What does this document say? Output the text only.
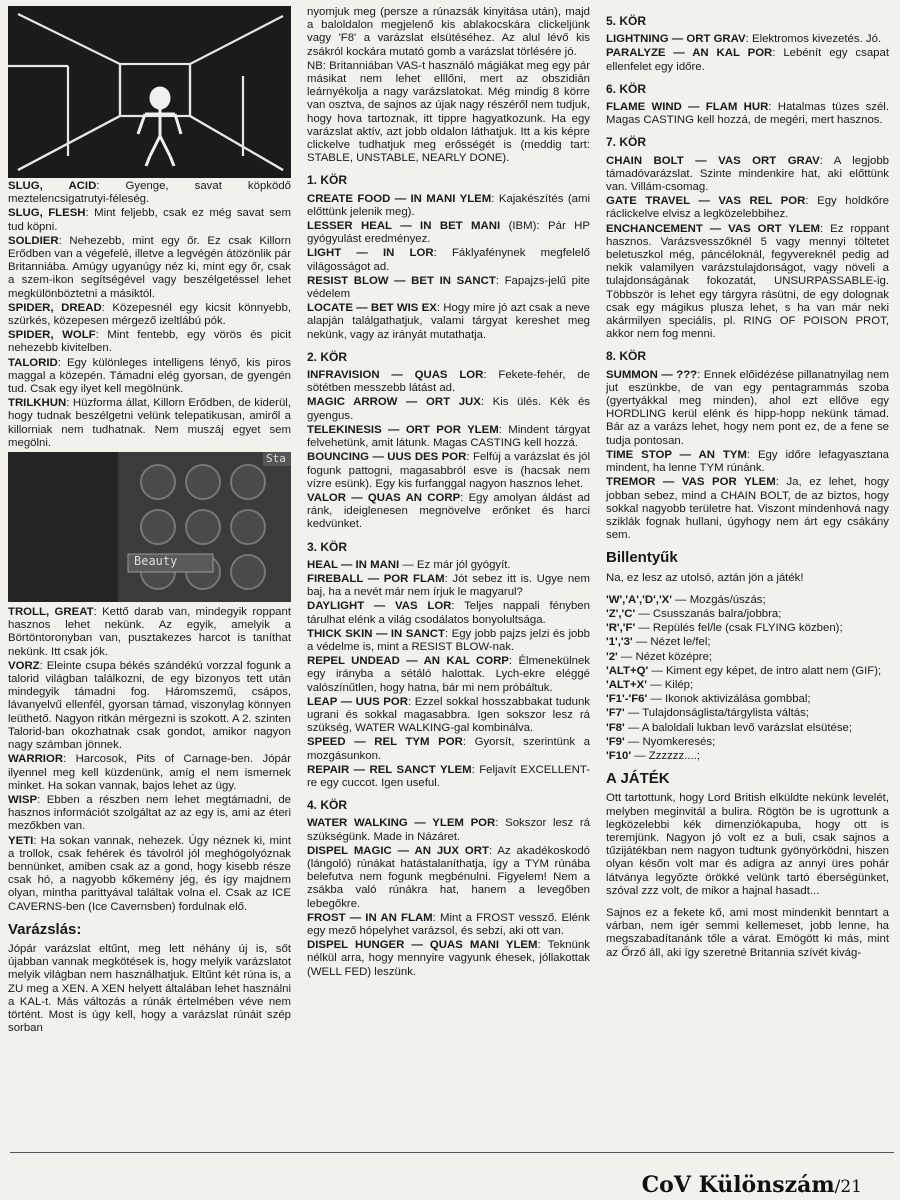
SLUG, ACID: Gyenge, savat köpködő meztelencsigatrutyi-féleség.

SLUG, FLESH: Mint feljebb, csak ez még savat sem tud köpni.

SOLDIER: Nehezebb, mint egy őr. Ez csak Killorn Erődben van a végefelé, illetve a legvégén átözönlik pár Britanniába. Amúgy ugyanúgy néz ki, mint egy őr, csak a szem-ikon segítségével vagy beszélgetéssel lehet megkülönböztetni a másiktól.

SPIDER, DREAD: Közepesnél egy kicsit könnyebb, szürkés, közepesen mérgező izeltlábú pók.

SPIDER, WOLF: Mint fentebb, egy vörös és picit nehezebb kivitelben.

TALORID: Egy különleges intelligens lényő, kis piros maggal a közepén. Támadni elég gyorsan, de gyengén tud. Csak egy ilyet kell megölnünk.

TRILKHUN: Hüzforma állat, Killorn Erődben, de kiderül, hogy tudnak beszélgetni velünk telepatikusan, amiről a killorniak nem tudhatnak. Nem muszáj egyet sem megölni.

Beauty
Sta

TROLL, GREAT: Kettő darab van, mindegyik roppant hasznos lehet nekünk. Az egyik, amelyik a Börtöntoronyban van, pusztakezes harcot is taníthat nekünk. Itt csak jók.

VORZ: Eleinte csupa békés szándékú vorzzal fogunk a talorid világban találkozni, de egy bizonyos tett után mindegyik támadni fog. Háromszemű, csápos, lávanyelvű ellenfél, gyorsan támad, viszonylag könnyen leüthető. Nagyon ritkán mérgezni is szokott. A 2. szinten Talorid-ban okozhatnak csak gondot, amikor nagyon nagy számban jönnek.

WARRIOR: Harcosok, Pits of Carnage-ben. Jópár ilyennel meg kell küzdenünk, amíg el nem ismernek minket. Ha sokan vannak, bajos lehet az ügy.

WISP: Ebben a részben nem lehet megtámadni, de hasznos információt szolgáltat az az egy is, ami az éteri mezőkben van.

YETI: Ha sokan vannak, nehezek. Úgy néznek ki, mint a trollok, csak fehérek és távolról jól meghógolyóznak bennünket, amiben csak az a gond, hogy kisebb része csak hó, a nagyobb kőkemény jég, és így majdnem olyan, mintha parittyával találtak volna el. Csak az ICE CAVERNS-ben (Ice Cavernsben) fordulnak elő.

Varázslás:

Jópár varázslat eltűnt, meg lett néhány új is, sőt újabban vannak megkötések is, hogy melyik varázslatot melyik világban nem használhatjuk. Eltűnt két rúna is, a ZU meg a XEN. A XEN helyett általában lehet használni a KAL-t. Más változás a rúnák értelmében véve nem történt. Most is úgy kell, hogy a varázslat rúnáit szép sorban

nyomjuk meg (persze a rúnazsák kinyitása után), majd a baloldalon megjelenő kis ablakocskára clickeljünk vagy 'F8' a varázslat elsütéséhez. Az alul lévő kis zsákról kockára mutató gomb a varázslat törlésére jó.

NB: Britanniában VAS-t használó mágiákat meg egy pár másikat nem lehet elllőni, mert az obszidián leárnyékolja a nagy varázslatokat. Még mindig 8 körre van osztva, de sajnos az újak nagy részéről nem tudjuk, hogy hova tartoznak, itt tippre hagyatkozunk. Ha egy varázslat aktív, azt jobb oldalon láthatjuk. Itt a kis képre clickelve tudhatjuk meg erősségét is (meddig tart: STABLE, UNSTABLE, NEARLY DONE).

1. KÖR

CREATE FOOD — IN MANI YLEM: Kajakészítés (ami előttünk jelenik meg).

LESSER HEAL — IN BET MANI (IBM): Pár HP gyógyulást eredményez.

LIGHT — IN LOR: Fáklyafénynek megfelelő világosságot ad.

RESIST BLOW — BET IN SANCT: Fapajzs-jelű pite védelem

LOCATE — BET WIS EX: Hogy mire jó azt csak a neve alapján találgathatjuk, valami tárgyat kereshet meg nekünk, vagy az irányát mutathatja.

2. KÖR

INFRAVISION — QUAS LOR: Fekete-fehér, de sötétben messzebb látást ad.

MAGIC ARROW — ORT JUX: Kis ülés. Kék és gyengus.

TELEKINESIS — ORT POR YLEM: Mindent tárgyat felvehetünk, amit látunk. Magas CASTING kell hozzá.

BOUNCING — UUS DES POR: Felfúj a varázslat és jól fogunk pattogni, magasabbról esve is (hacsak nem vízre esünk). Egy kis furfanggal nagyon hasznos lehet.

VALOR — QUAS AN CORP: Egy amolyan áldást ad ránk, ideiglenesen megnövelve erőnket és harci kedvünket.

3. KÖR

HEAL — IN MANI — Ez már jól gyógyít.

FIREBALL — POR FLAM: Jót sebez itt is. Ugye nem baj, ha a nevét már nem írjuk le magyarul?

DAYLIGHT — VAS LOR: Teljes nappali fényben tárulhat elénk a világ csodálatos bonyolultsága.

THICK SKIN — IN SANCT: Egy jobb pajzs jelzi és jobb a védelme is, mint a RESIST BLOW-nak.

REPEL UNDEAD — AN KAL CORP: Élmenekülnek egy irányba a sétáló halottak. Lych-ekre eléggé valószínűtlen, hogy hatna, bár mi nem próbáltuk.

LEAP — UUS POR: Ezzel sokkal hosszabbakat tudunk ugrani és sokkal magasabbra. Igen sokszor lesz rá szükség, WATER WALKING-gal kombinálva.

SPEED — REL TYM POR: Gyorsít, szerintünk a mozgásunkon.

REPAIR — REL SANCT YLEM: Feljavít EXCELLENT-re egy cuccot. Igen useful.

4. KÖR

WATER WALKING — YLEM POR: Sokszor lesz rá szükségünk. Made in Názáret.

DISPEL MAGIC — AN JUX ORT: Az akadékoskodó (lángoló) rúnákat hatástalaníthatja, így a TYM rúnába belefutva nem fogunk megbénulni. Figyelem! Nem a zsákba való rúnákra hat, hanem a levegőben lebegőkre.

FROST — IN AN FLAM: Mint a FROST vessző. Elénk egy mező hópelyhet varázsol, és sebzi, aki ott van.

DISPEL HUNGER — QUAS MANI YLEM: Teknünk nélkül arra, hogy mennyire vagyunk éhesek, jóllakottak (WELL FED) leszünk.

5. KÖR

LIGHTNING — ORT GRAV: Elektromos kivezetés. Jó.

PARALYZE — AN KAL POR: Lebénít egy csapat ellenfelet egy időre.

6. KÖR

FLAME WIND — FLAM HUR: Hatalmas tüzes szél. Magas CASTING kell hozzá, de megéri, mert hasznos.

7. KÖR

CHAIN BOLT — VAS ORT GRAV: A legjobb támadóvarázslat. Szinte mindenkire hat, aki előttünk van. Villám-csomag.

GATE TRAVEL — VAS REL POR: Egy holdkőre ráclickelve elvisz a legközelebbihez.

ENCHANCEMENT — VAS ORT YLEM: Ez roppant hasznos. Varázsvesszőknél 5 vagy mennyi töltetet beletuszkol még, páncéloknál, fegyvereknél pedig ad nekik valamilyen varázstulajdonságot, vagy növeli a tulajdonságának fokozatát, UNSURPASSABLE-ig. Többször is lehet egy tárgyra rásütni, de egy dolognak csak egy mágikus plusza lehet, s ha van már neki akármilyen speciális, pl. RING OF POISON PROT, akkor nem fog menni.

8. KÖR

SUMMON — ???: Ennek előidézése pillanatnyilag nem jut eszünkbe, de van egy pentagrammás szoba (gyertyákkal meg minden), ahol ezt ellőve egy HORDLING kerül elénk és hipp-hopp nekünk támad. Bár az a varázs lehet, hogy nem pont ez, de a fene se tudja pontosan.

TIME STOP — AN TYM: Egy időre lefagyasztana mindent, ha lenne TYM rúnánk.

TREMOR — VAS POR YLEM: Ja, ez lehet, hogy jobban sebez, mind a CHAIN BOLT, de az biztos, hogy sokkal nagyobb területre hat. Viszont mindenhová nagy sziklák fognak hullani, úgyhogy nem árt egy csákány sem.

Billentyűk

Na, ez lesz az utolsó, aztán jön a játék!

'W','A','D','X' — Mozgás/úszás;

'Z','C' — Csusszanás balra/jobbra;

'R','F' — Repülés fel/le (csak FLYING közben);

'1','3' — Nézet le/fel;

'2' — Nézet középre;

'ALT+Q' — Kiment egy képet, de intro alatt nem (GIF);

'ALT+X' — Kilép;

'F1'-'F6' — Ikonok aktivizálása gombbal;

'F7' — Tulajdonságlista/tárgylista váltás;

'F8' — A baloldali lukban levő varázslat elsütése;

'F9' — Nyomkeresés;

'F10' — Zzzzzz....;

A JÁTÉK

Ott tartottunk, hogy Lord British elküldte nekünk levelét, melyben meginvitál a bulira. Rögtön be is ugrottunk a legközelebbi kék dimenziókapuba, hogy ott is teremjünk. Nagyon jó volt ez a buli, csak sajnos a tűzijátékban nem nagyon tudtunk gyönyörködni, hiszen olyan későn volt mar és adigra az annyi üres pohár látványa legyőzte örökké velünk tartó éberségünket, szóval zzz volt, de mikor a hajnal hasadt...

Sajnos ez a fekete kő, ami most mindenkit benntart a várban, nem igér semmi kellemeset, jobb lenne, ha megszabadítanánk tőle a várat. Emögött ki más, mint az Őrző áll, aki így szeretné Britannia szívét kivág-

CoV Különszám/21
